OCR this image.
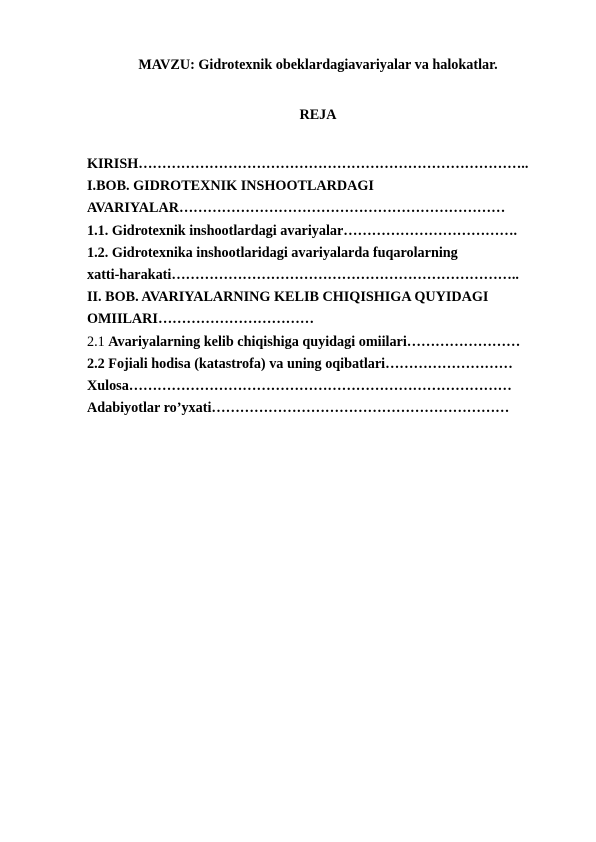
MAVZU: Gidrotexnik obeklardagiavariyalar va halokatlar.
REJA
KIRISH………………………………………………………………………..
I.BOB. GIDROTEXNIK INSHOOTLARDAGI
AVARIYALAR……………………………………………………………
1.1. Gidrotexnik inshootlardagi avariyalar……………………………….
1.2. Gidrotexnika inshootlaridagi avariyalarda fuqarolarning
xatti-harakati………………………………………………………………..
II. BOB. AVARIYALARNING KELIB CHIQISHIGA QUYIDAGI
OMIILARI……………………………
2.1 Avariyalarning kelib chiqishiga quyidagi omiilari……………………
2.2 Fojiali hodisa (katastrofa) va uning oqibatlari………………………
Xulosa………………………………………………………………………
Adabiyotlar ro’yxati………………………………………………………
